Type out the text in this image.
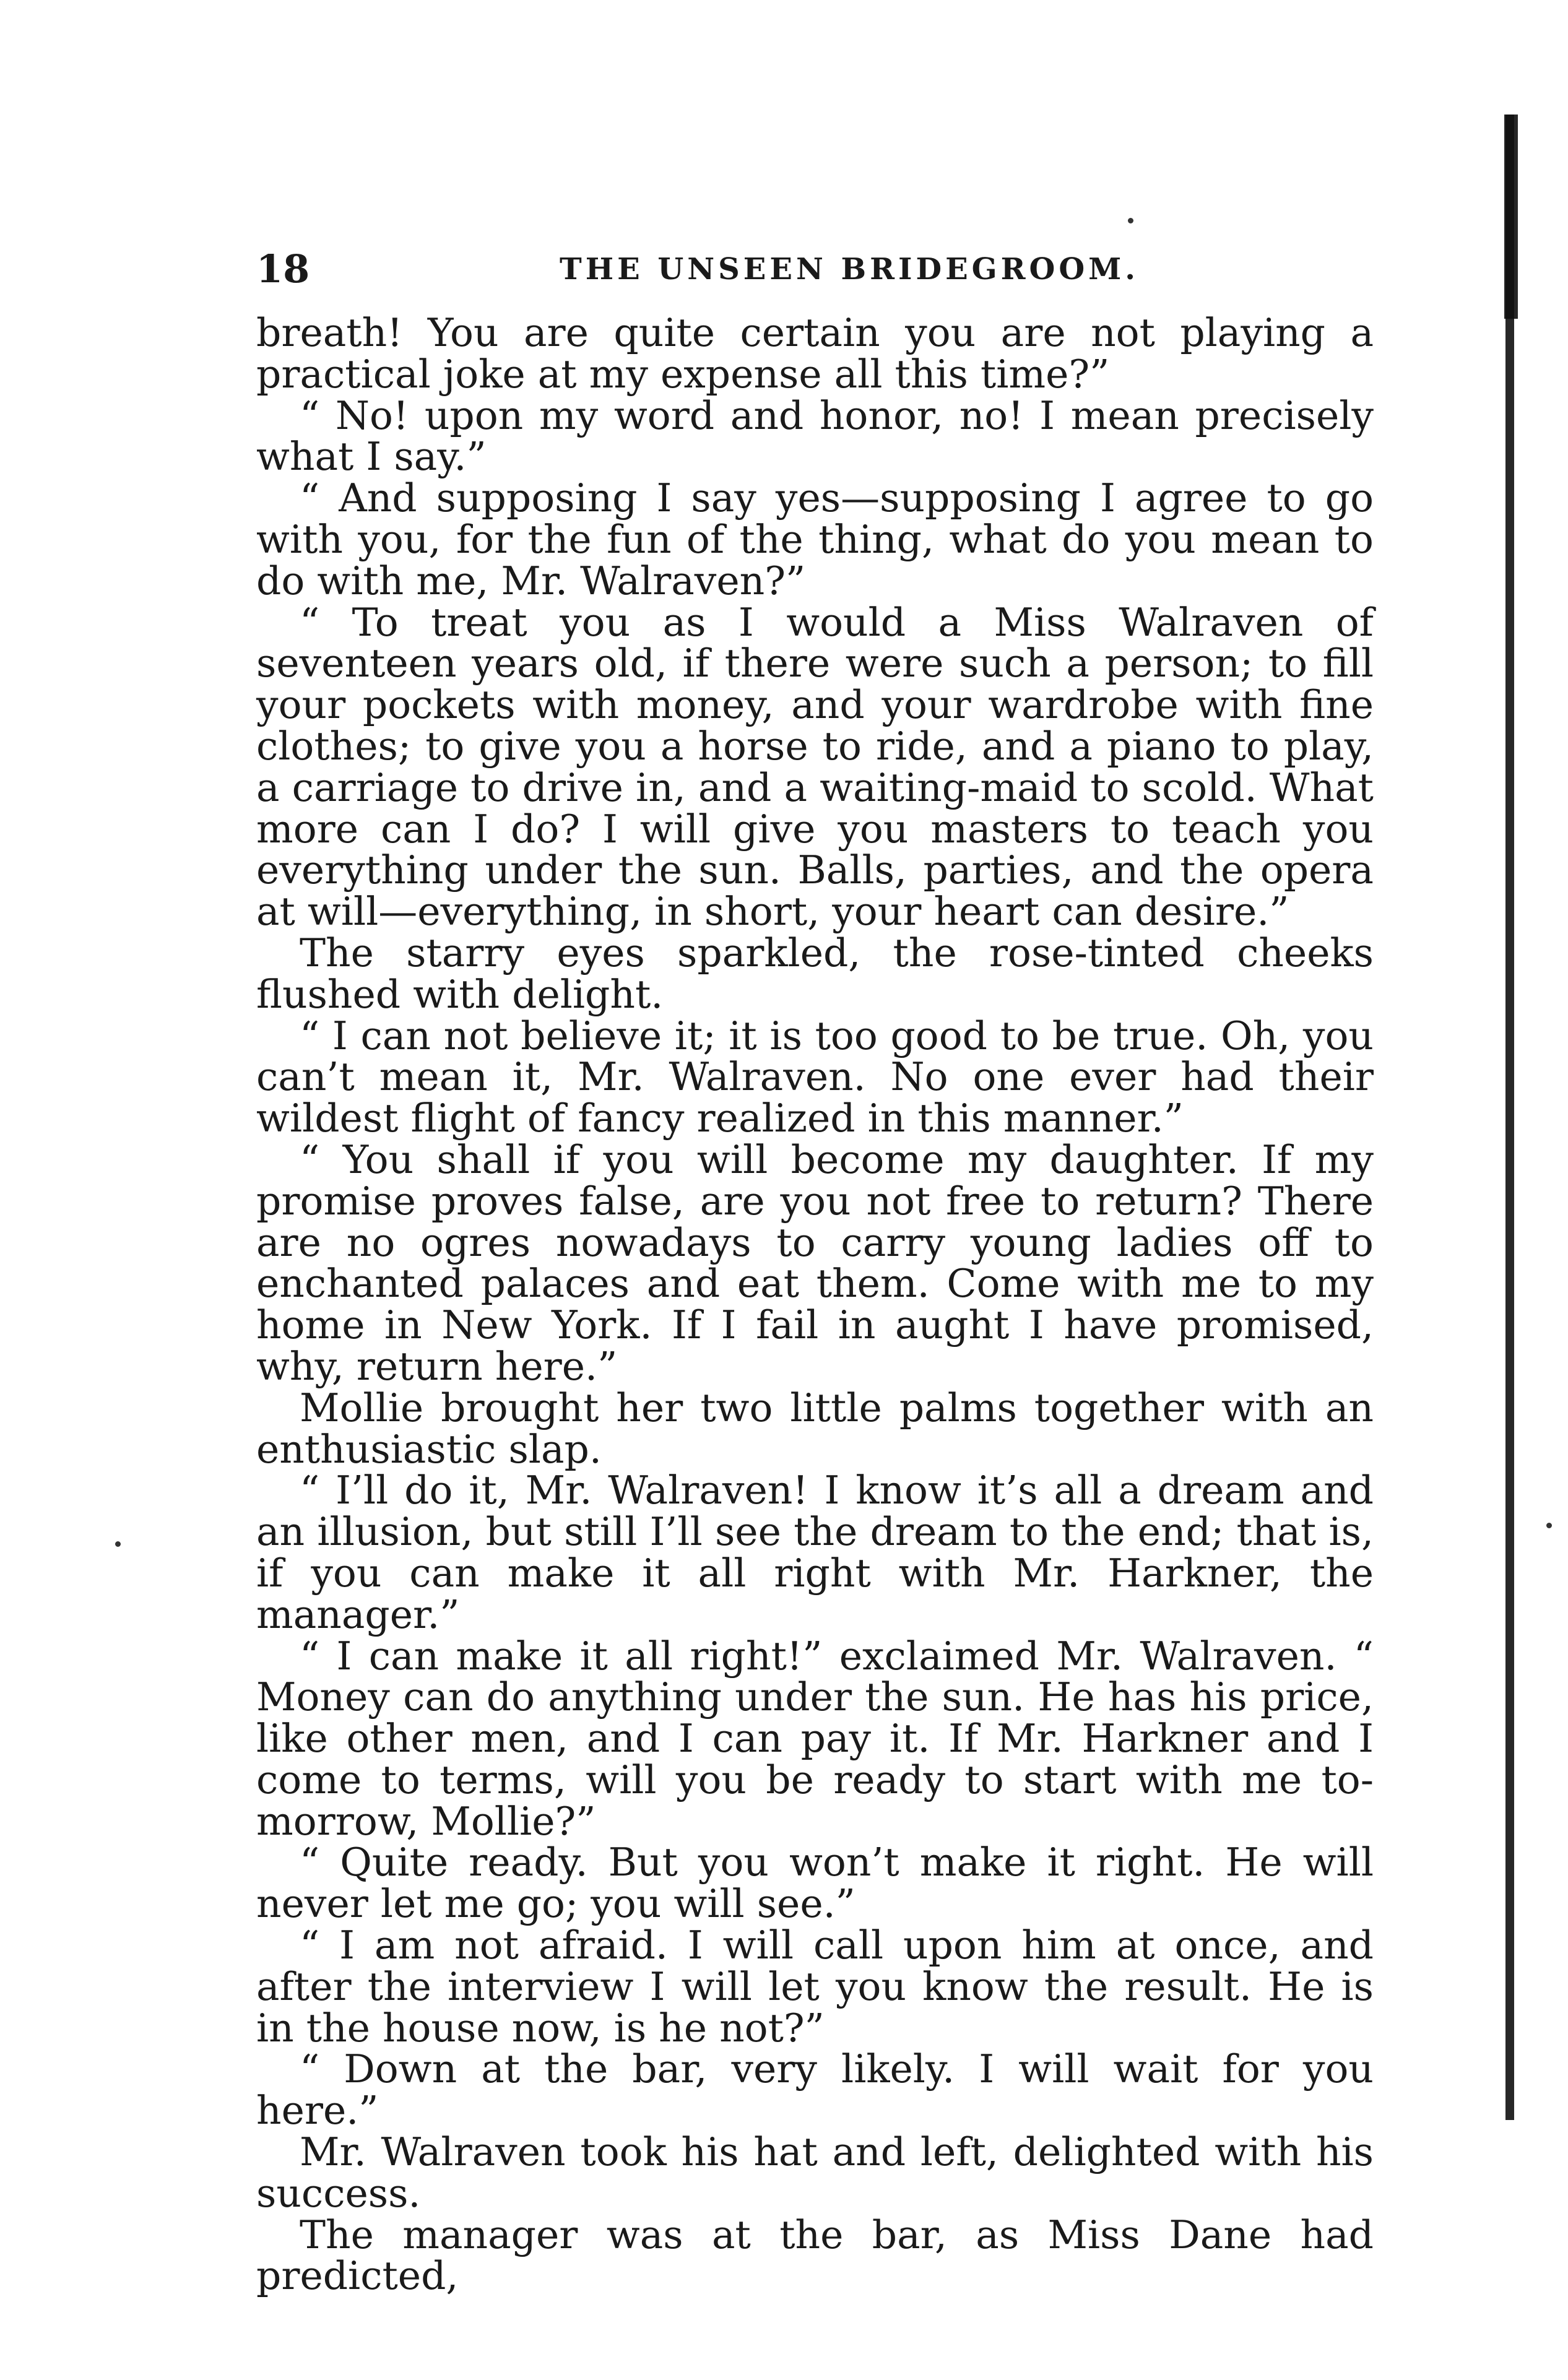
18	THE UNSEEN BRIDEGROOM.

breath! You are quite certain you are not playing a practical joke at my expense all this time?”

“ No! upon my word and honor, no! I mean precisely what I say.”

“ And supposing I say yes—supposing I agree to go with you, for the fun of the thing, what do you mean to do with me, Mr. Walraven?”

“ To treat you as I would a Miss Walraven of seventeen years old, if there were such a person; to fill your pockets with money, and your wardrobe with fine clothes; to give you a horse to ride, and a piano to play, a carriage to drive in, and a waiting-maid to scold. What more can I do? I will give you masters to teach you everything under the sun. Balls, parties, and the opera at will—everything, in short, your heart can desire.”

The starry eyes sparkled, the rose-tinted cheeks flushed with delight.

“ I can not believe it; it is too good to be true. Oh, you can’t mean it, Mr. Walraven. No one ever had their wildest flight of fancy realized in this manner.”

“ You shall if you will become my daughter. If my promise proves false, are you not free to return? There are no ogres nowadays to carry young ladies off to enchanted palaces and eat them. Come with me to my home in New York. If I fail in aught I have promised, why, return here.”

Mollie brought her two little palms together with an enthusiastic slap.

“ I’ll do it, Mr. Walraven! I know it’s all a dream and an illusion, but still I’ll see the dream to the end; that is, if you can make it all right with Mr. Harkner, the manager.”

“ I can make it all right!” exclaimed Mr. Walraven. “ Money can do anything under the sun. He has his price, like other men, and I can pay it. If Mr. Harkner and I come to terms, will you be ready to start with me to-morrow, Mollie?”

“ Quite ready. But you won’t make it right. He will never let me go; you will see.”

“ I am not afraid. I will call upon him at once, and after the interview I will let you know the result. He is in the house now, is he not?”

“ Down at the bar, very likely. I will wait for you here.”

Mr. Walraven took his hat and left, delighted with his success.

The manager was at the bar, as Miss Dane had predicted,
